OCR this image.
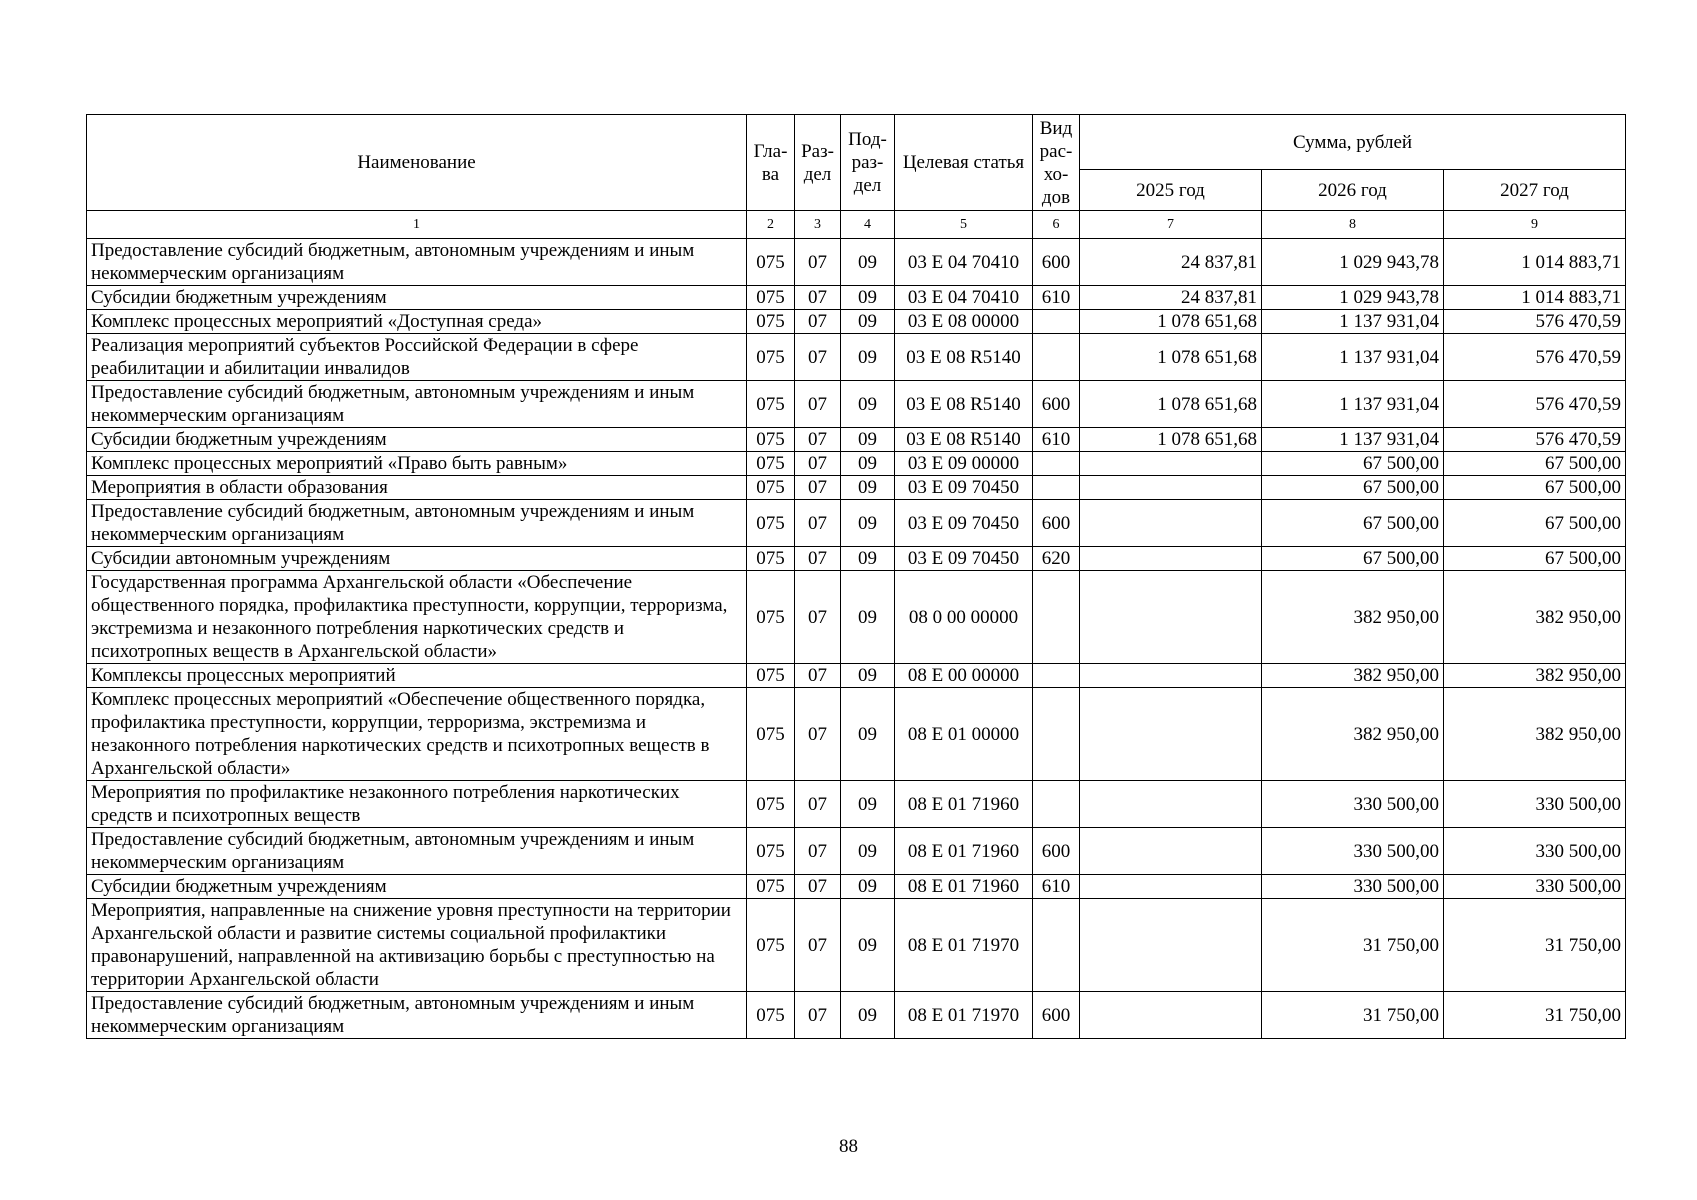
Наименование	Гла-ва	Раз-дел	Под-раз-дел	Целевая статья	Вид рас-хо-дов	Сумма, рублей		
						2025 год	2026 год	2027 год
1	2	3	4	5	6	7	8	9
Предоставление субсидий бюджетным, автономным учреждениям и иным некоммерческим организациям	075	07	09	03 Е 04 70410	600	24 837,81	1 029 943,78	1 014 883,71
Субсидии бюджетным учреждениям	075	07	09	03 Е 04 70410	610	24 837,81	1 029 943,78	1 014 883,71
Комплекс процессных мероприятий «Доступная среда»	075	07	09	03 Е 08 00000		1 078 651,68	1 137 931,04	576 470,59
Реализация мероприятий субъектов Российской Федерации в сфере реабилитации и абилитации инвалидов	075	07	09	03 Е 08 R5140		1 078 651,68	1 137 931,04	576 470,59
Предоставление субсидий бюджетным, автономным учреждениям и иным некоммерческим организациям	075	07	09	03 Е 08 R5140	600	1 078 651,68	1 137 931,04	576 470,59
Субсидии бюджетным учреждениям	075	07	09	03 Е 08 R5140	610	1 078 651,68	1 137 931,04	576 470,59
Комплекс процессных мероприятий «Право быть равным»	075	07	09	03 Е 09 00000			67 500,00	67 500,00
Мероприятия в области образования	075	07	09	03 Е 09 70450			67 500,00	67 500,00
Предоставление субсидий бюджетным, автономным учреждениям и иным некоммерческим организациям	075	07	09	03 Е 09 70450	600		67 500,00	67 500,00
Субсидии автономным учреждениям	075	07	09	03 Е 09 70450	620		67 500,00	67 500,00
Государственная программа Архангельской области «Обеспечение общественного порядка, профилактика преступности, коррупции, терроризма, экстремизма и незаконного потребления наркотических средств и психотропных веществ в Архангельской области»	075	07	09	08 0 00 00000			382 950,00	382 950,00
Комплексы процессных мероприятий	075	07	09	08 Е 00 00000			382 950,00	382 950,00
Комплекс процессных мероприятий «Обеспечение общественного порядка, профилактика преступности, коррупции, терроризма, экстремизма и незаконного потребления наркотических средств и психотропных веществ в Архангельской области»	075	07	09	08 Е 01 00000			382 950,00	382 950,00
Мероприятия по профилактике незаконного потребления наркотических средств и психотропных веществ	075	07	09	08 Е 01 71960			330 500,00	330 500,00
Предоставление субсидий бюджетным, автономным учреждениям и иным некоммерческим организациям	075	07	09	08 Е 01 71960	600		330 500,00	330 500,00
Субсидии бюджетным учреждениям	075	07	09	08 Е 01 71960	610		330 500,00	330 500,00
Мероприятия, направленные на снижение уровня преступности на территории Архангельской области и развитие системы социальной профилактики правонарушений, направленной на активизацию борьбы с преступностью на территории Архангельской области	075	07	09	08 Е 01 71970			31 750,00	31 750,00
Предоставление субсидий бюджетным, автономным учреждениям и иным некоммерческим организациям	075	07	09	08 Е 01 71970	600		31 750,00	31 750,00
88
